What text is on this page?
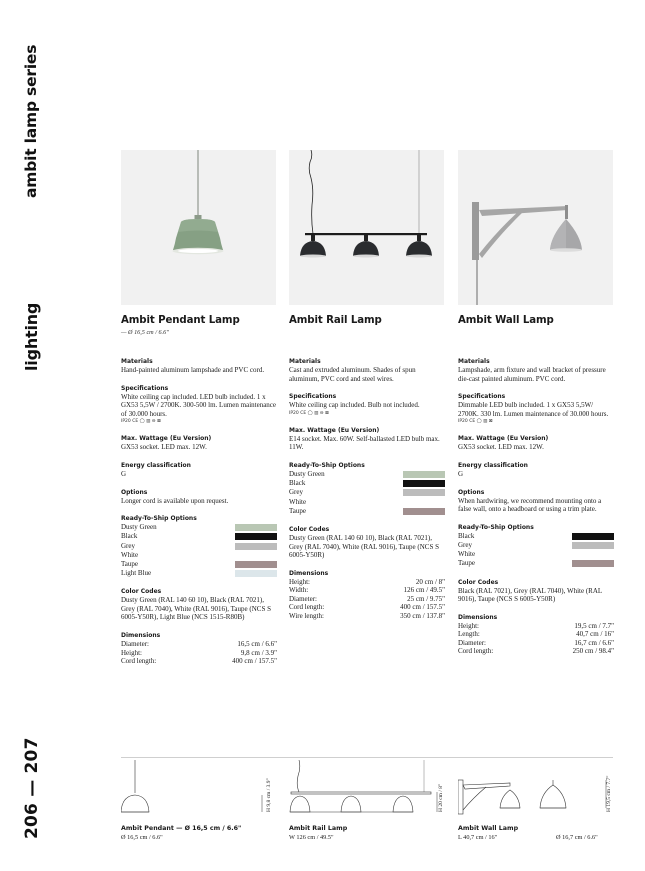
ambit lamp series
lighting
206 — 207
Ambit Pendant Lamp
— Ø 16,5 cm / 6.6"
Materials
Hand-painted aluminum lampshade and PVC cord.
Specifications
White ceiling cap included. LED bulb included. 1 x GX53 5,5W / 2700K. 300-500 lm. Lumen maintenance of 30.000 hours.
IP20 CE ◯ ▥ ⊖ ⊠
Max. Wattage (Eu Version)
GX53 socket. LED max. 12W.
Energy classification
G
Options
Longer cord is available upon request.
Ready-To-Ship Options
Dusty Green
Black
Grey
White
Taupe
Light Blue
Color Codes
Dusty Green (RAL 140 60 10), Black (RAL 7021), Grey (RAL 7040), White (RAL 9016), Taupe (NCS S 6005-Y50R), Light Blue (NCS 1515-R80B)
Dimensions
Diameter:	16,5 cm / 6.6"
Height:	9,8 cm / 3.9"
Cord length:	400 cm / 157.5"
Ambit Rail Lamp
Materials
Cast and extruded aluminum. Shades of spun aluminum, PVC cord and steel wires.
Specifications
White ceiling cap included. Bulb not included.
IP20 CE ◯ ▥ ⊖ ⊠
Max. Wattage (Eu Version)
E14 socket. Max. 60W. Self-ballasted LED bulb max. 11W.
Ready-To-Ship Options
Dusty Green
Black
Grey
White
Taupe
Color Codes
Dusty Green (RAL 140 60 10), Black (RAL 7021), Grey (RAL 7040), White (RAL 9016), Taupe (NCS S 6005-Y50R)
Dimensions
Height:	20 cm / 8"
Width:	126 cm / 49.5"
Diameter:	25 cm / 9.75"
Cord length:	400 cm / 157.5"
Wire length:	350 cm / 137.8"
Ambit Wall Lamp
Materials
Lampshade, arm fixture and wall bracket of pressure die-cast painted aluminum. PVC cord.
Specifications
Dimmable LED bulb included. 1 x GX53 5,5W/ 2700K. 330 lm. Lumen maintenance of 30.000 hours.
IP20 CE ◯ ▥ ⊠
Max. Wattage (Eu Version)
GX53 socket. LED max. 12W.
Energy classification
G
Options
When hardwiring, we recommend mounting onto a false wall, onto a headboard or using a trim plate.
Ready-To-Ship Options
Black
Grey
White
Taupe
Color Codes
Black (RAL 7021), Grey (RAL 7040), White (RAL 9016), Taupe (NCS S 6005-Y50R)
Dimensions
Height:	19,5 cm / 7.7"
Length:	40,7 cm / 16"
Diameter:	16,7 cm / 6.6"
Cord length:	250 cm / 98.4"
H 9,8 cm / 3.9"	H 20 cm / 8"	H 19,5 cm / 7.7"
Ambit Pendant — Ø 16,5 cm / 6.6"
Ø 16,5 cm / 6.6"
Ambit Rail Lamp
W 126 cm / 49.5"
Ambit Wall Lamp
L 40,7 cm / 16"	Ø 16,7 cm / 6.6"
